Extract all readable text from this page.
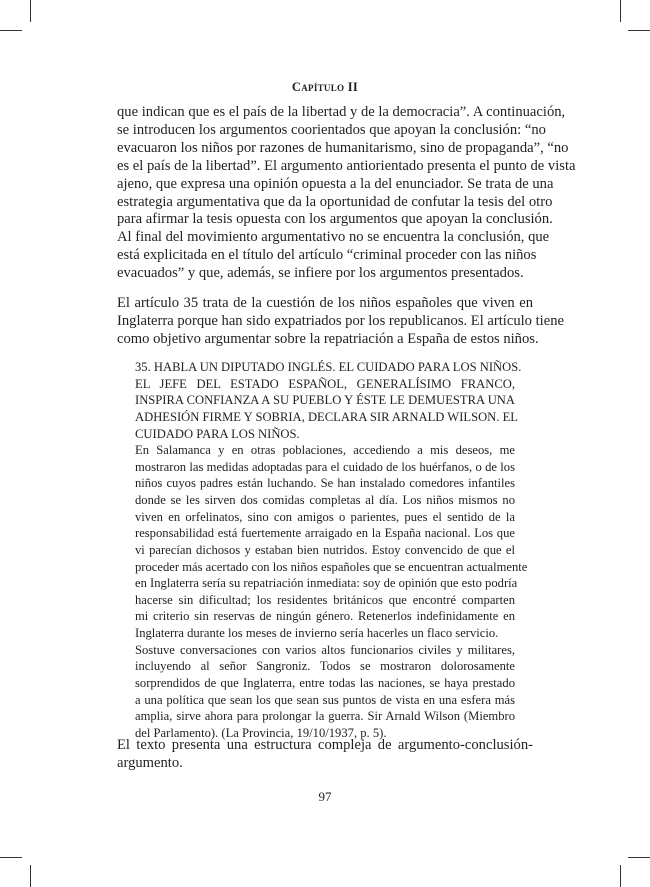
Capítulo II
que indican que es el país de la libertad y de la democracia”. A continuación,
se introducen los argumentos coorientados que apoyan la conclusión: “no
evacuaron los niños por razones de humanitarismo, sino de propaganda”, “no
es el país de la libertad”. El argumento antiorientado presenta el punto de vista
ajeno, que expresa una opinión opuesta a la del enunciador. Se trata de una
estrategia argumentativa que da la oportunidad de confutar la tesis del otro
para afirmar la tesis opuesta con los argumentos que apoyan la conclusión.
Al final del movimiento argumentativo no se encuentra la conclusión, que
está explicitada en el título del artículo “criminal proceder con las niños
evacuados” y que, además, se infiere por los argumentos presentados.
El artículo 35 trata de la cuestión de los niños españoles que viven en
Inglaterra porque han sido expatriados por los republicanos. El artículo tiene
como objetivo argumentar sobre la repatriación a España de estos niños.
35. HABLA UN DIPUTADO INGLÉS. EL CUIDADO PARA LOS NIÑOS.
EL JEFE DEL ESTADO ESPAÑOL, GENERALÍSIMO FRANCO,
INSPIRA CONFIANZA A SU PUEBLO Y ÉSTE LE DEMUESTRA UNA
ADHESIÓN FIRME Y SOBRIA, DECLARA SIR ARNALD WILSON. EL
CUIDADO PARA LOS NIÑOS.
En Salamanca y en otras poblaciones, accediendo a mis deseos, me
mostraron las medidas adoptadas para el cuidado de los huérfanos, o de los
niños cuyos padres están luchando. Se han instalado comedores infantiles
donde se les sirven dos comidas completas al día. Los niños mismos no
viven en orfelinatos, sino con amigos o parientes, pues el sentido de la
responsabilidad está fuertemente arraigado en la España nacional. Los que
vi parecían dichosos y estaban bien nutridos. Estoy convencido de que el
proceder más acertado con los niños españoles que se encuentran actualmente
en Inglaterra sería su repatriación inmediata: soy de opinión que esto podría
hacerse sin dificultad; los residentes británicos que encontré comparten
mi criterio sin reservas de ningún género. Retenerlos indefinidamente en
Inglaterra durante los meses de invierno sería hacerles un flaco servicio.
Sostuve conversaciones con varios altos funcionarios civiles y militares,
incluyendo al señor Sangroniz. Todos se mostraron dolorosamente
sorprendidos de que Inglaterra, entre todas las naciones, se haya prestado
a una política que sean los que sean sus puntos de vista en una esfera más
amplia, sirve ahora para prolongar la guerra. Sir Arnald Wilson (Miembro
del Parlamento). (La Provincia, 19/10/1937, p. 5).
El texto presenta una estructura compleja de argumento-conclusión-
argumento.
97
